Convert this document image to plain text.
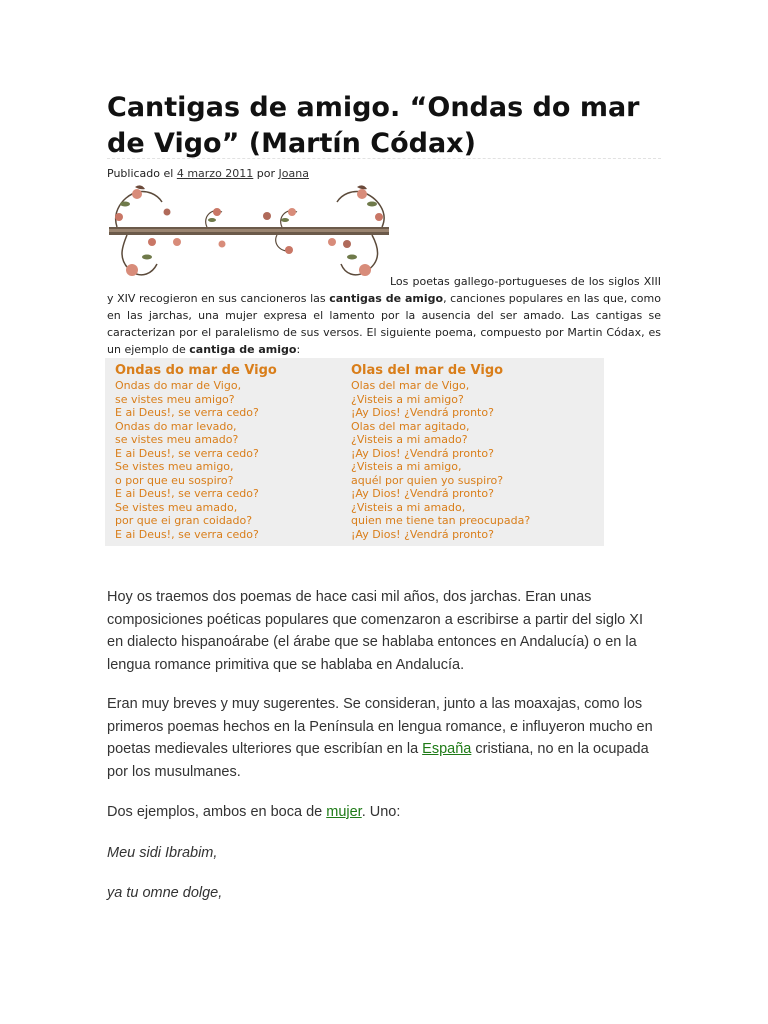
Cantigas de amigo. “Ondas do mar de Vigo” (Martín Códax)
Publicado el 4 marzo 2011 por Joana
Los poetas gallego-portugueses de los siglos XIII y XIV recogieron en sus cancioneros las cantigas de amigo, canciones populares en las que, como en las jarchas, una mujer expresa el lamento por la ausencia del ser amado. Las cantigas se caracterizan por el paralelismo de sus versos. El siguiente poema, compuesto por Martin Códax, es un ejemplo de cantiga de amigo:
Ondas do mar de Vigo
Ondas do mar de Vigo,
se vistes meu amigo?
E ai Deus!, se verra cedo?
Ondas do mar levado,
se vistes meu amado?
E ai Deus!, se verra cedo?
Se vistes meu amigo,
o por que eu sospiro?
E ai Deus!, se verra cedo?
Se vistes meu amado,
por que ei gran coidado?
E ai Deus!, se verra cedo?
Olas del mar de Vigo
Olas del mar de Vigo,
¿Visteis a mi amigo?
¡Ay Dios! ¿Vendrá pronto?
Olas del mar agitado,
¿Visteis a mi amado?
¡Ay Dios! ¿Vendrá pronto?
¿Visteis a mi amigo,
aquél por quien yo suspiro?
¡Ay Dios! ¿Vendrá pronto?
¿Visteis a mi amado,
quien me tiene tan preocupada?
¡Ay Dios! ¿Vendrá pronto?

Hoy os traemos dos poemas de hace casi mil años, dos jarchas. Eran unas composiciones poéticas populares que comenzaron a escribirse a partir del siglo XI en dialecto hispanoárabe (el árabe que se hablaba entonces en Andalucía) o en la lengua romance primitiva que se hablaba en Andalucía.

Eran muy breves y muy sugerentes. Se consideran, junto a las moaxajas, como los primeros poemas hechos en la Península en lengua romance, e influyeron mucho en poetas medievales ulteriores que escribían en la España cristiana, no en la ocupada por los musulmanes.

Dos ejemplos, ambos en boca de mujer. Uno:

Meu sidi Ibrabim,

ya tu omne dolge,
